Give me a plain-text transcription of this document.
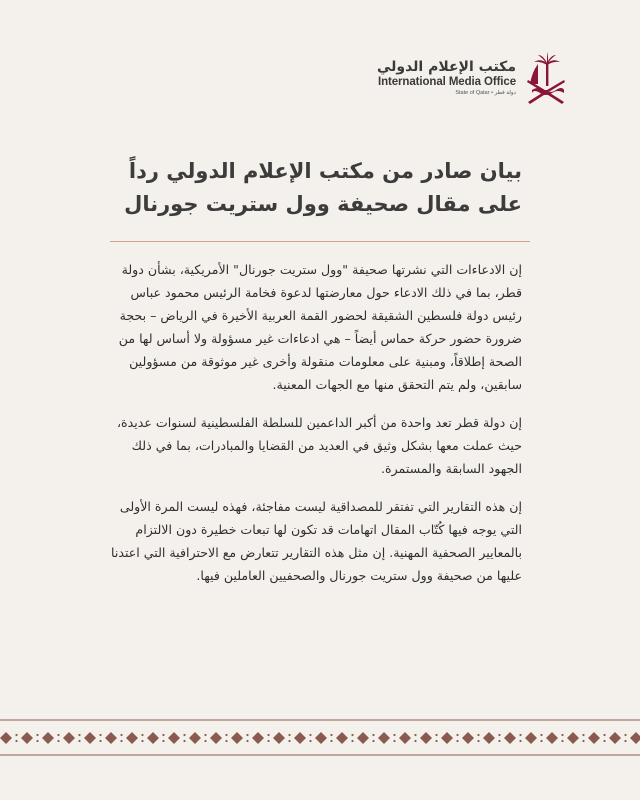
مكتب الإعلام الدولي
International Media Office
State of Qatar • دولة قطر
بيان صادر من مكتب الإعلام الدولي رداً على مقال صحيفة وول ستريت جورنال

إن الادعاءات التي نشرتها صحيفة "وول ستريت جورنال" الأمريكية، بشأن دولة قطر، بما في ذلك الادعاء حول معارضتها لدعوة فخامة الرئيس محمود عباس رئيس دولة فلسطين الشقيقة لحضور القمة العربية الأخيرة في الرياض – بحجة ضرورة حضور حركة حماس أيضاً – هي ادعاءات غير مسؤولة ولا أساس لها من الصحة إطلاقاً، ومبنية على معلومات منقولة وأخرى غير موثوقة من مسؤولين سابقين، ولم يتم التحقق منها مع الجهات المعنية.

إن دولة قطر تعد واحدة من أكبر الداعمين للسلطة الفلسطينية لسنوات عديدة، حيث عملت معها بشكل وثيق في العديد من القضايا والمبادرات، بما في ذلك الجهود السابقة والمستمرة.

إن هذه التقارير التي تفتقر للمصداقية ليست مفاجئة، فهذه ليست المرة الأولى التي يوجه فيها كُتّاب المقال اتهامات قد تكون لها تبعات خطيرة دون الالتزام بالمعايير الصحفية المهنية. إن مثل هذه التقارير تتعارض مع الاحترافية التي اعتدنا عليها من صحيفة وول ستريت جورنال والصحفيين العاملين فيها.
